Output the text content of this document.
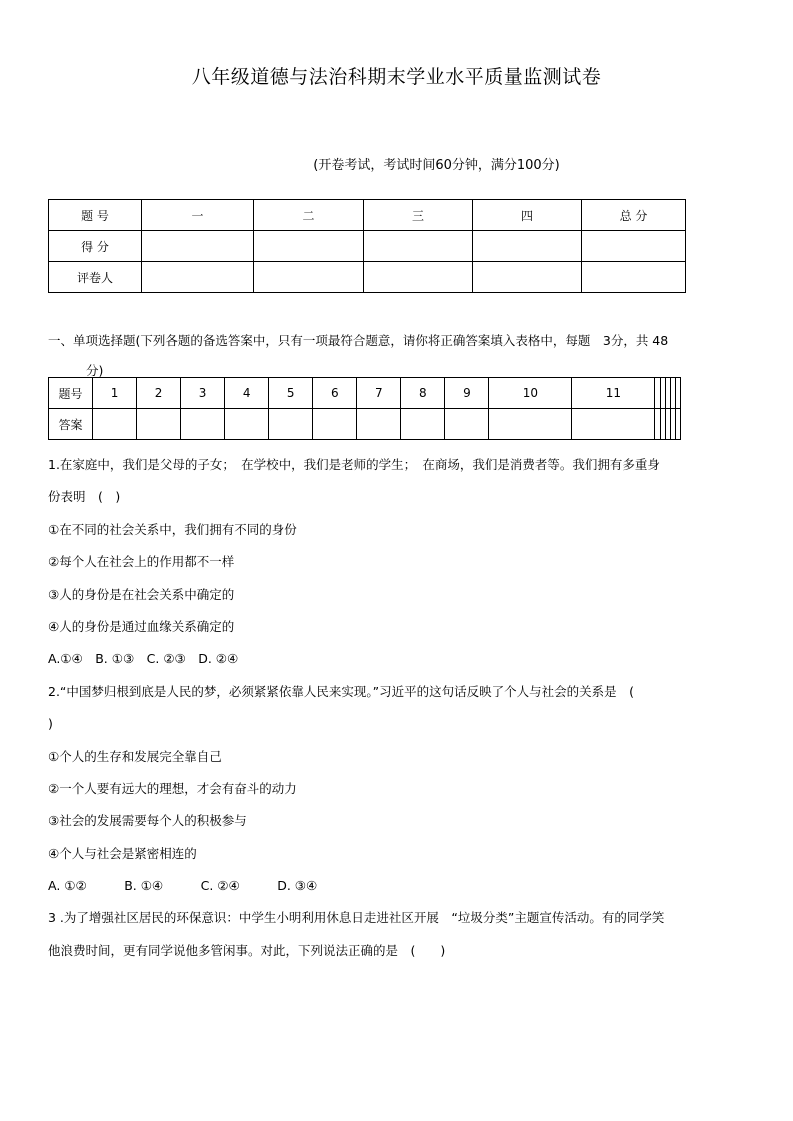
八年级道德与法治科期末学业水平质量监测试卷
(开卷考试，考试时间60分钟，满分100分)
题 号	一	二	三	四	总 分
得 分					
评卷人					
一、单项选择题(下列各题的备选答案中，只有一项最符合题意，请你将正确答案填入表格中，每题　3分，共 48
分)
题号	1	2	3	4	5	6	7	8	9	10	11					
答案																
1.在家庭中，我们是父母的子女；　在学校中，我们是老师的学生；　在商场，我们是消费者等。我们拥有多重身
份表明　(　)
①在不同的社会关系中，我们拥有不同的身份
②每个人在社会上的作用都不一样
③人的身份是在社会关系中确定的
④人的身份是通过血缘关系确定的
A.①④　B. ①③　C. ②③　D. ②④
2.“中国梦归根到底是人民的梦，必须紧紧依靠人民来实现。”习近平的这句话反映了个人与社会的关系是　(
)
①个人的生存和发展完全靠自己
②一个人要有远大的理想，才会有奋斗的动力
③社会的发展需要每个人的积极参与
④个人与社会是紧密相连的
A. ①②　　　B. ①④　　　C. ②④　　　D. ③④
3 .为了增强社区居民的环保意识：中学生小明利用休息日走进社区开展　“垃圾分类”主题宣传活动。有的同学笑
他浪费时间，更有同学说他多管闲事。对此，下列说法正确的是　(　　)
